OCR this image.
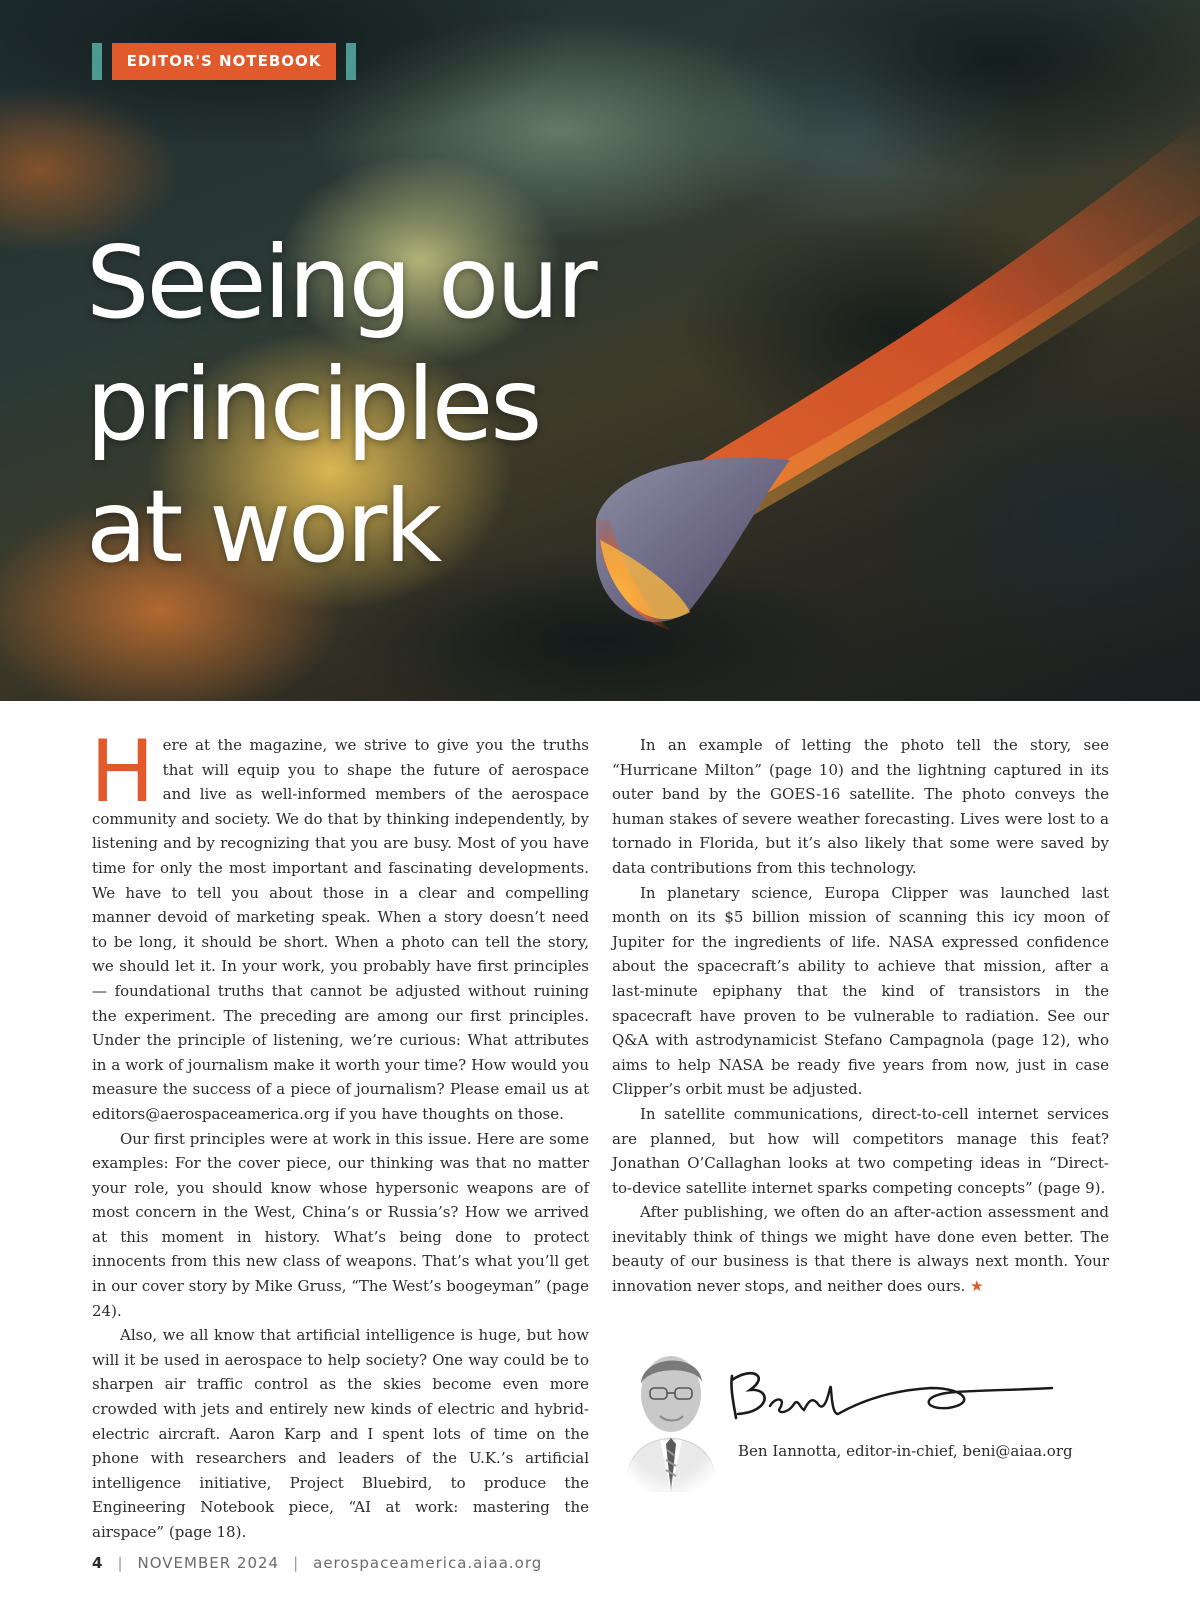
EDITOR'S NOTEBOOK
Seeing our
principles
at work

Here at the magazine, we strive to give you the truths that will equip you to shape the future of aerospace and live as well-informed members of the aerospace community and society. We do that by thinking independently, by listening and by recognizing that you are busy. Most of you have time for only the most important and fascinating developments. We have to tell you about those in a clear and compelling manner devoid of marketing speak. When a story doesn’t need to be long, it should be short. When a photo can tell the story, we should let it. In your work, you probably have first principles — foundational truths that cannot be adjusted without ruining the experiment. The preceding are among our first principles. Under the principle of listening, we’re curious: What attributes in a work of journalism make it worth your time? How would you measure the success of a piece of journalism? Please email us at editors@aerospaceamerica.org if you have thoughts on those.

Our first principles were at work in this issue. Here are some examples: For the cover piece, our thinking was that no matter your role, you should know whose hypersonic weapons are of most concern in the West, China’s or Russia’s? How we arrived at this moment in history. What’s being done to protect innocents from this new class of weapons. That’s what you’ll get in our cover story by Mike Gruss, “The West’s boogeyman” (page 24).

Also, we all know that artificial intelligence is huge, but how will it be used in aerospace to help society? One way could be to sharpen air traffic control as the skies become even more crowded with jets and entirely new kinds of electric and hybrid-electric aircraft. Aaron Karp and I spent lots of time on the phone with researchers and leaders of the U.K.’s artificial intelligence initiative, Project Bluebird, to produce the Engineering Notebook piece, “AI at work: mastering the airspace” (page 18).

In an example of letting the photo tell the story, see “Hurricane Milton” (page 10) and the lightning captured in its outer band by the GOES-16 satellite. The photo conveys the human stakes of severe weather forecasting. Lives were lost to a tornado in Florida, but it’s also likely that some were saved by data contributions from this technology.

In planetary science, Europa Clipper was launched last month on its $5 billion mission of scanning this icy moon of Jupiter for the ingredients of life. NASA expressed confidence about the spacecraft’s ability to achieve that mission, after a last-minute epiphany that the kind of transistors in the spacecraft have proven to be vulnerable to radiation. See our Q&A with astrodynamicist Stefano Campagnola (page 12), who aims to help NASA be ready five years from now, just in case Clipper’s orbit must be adjusted.

In satellite communications, direct-to-cell internet services are planned, but how will competitors manage this feat? Jonathan O’Callaghan looks at two competing ideas in “Direct-to-device satellite internet sparks competing concepts” (page 9).

After publishing, we often do an after-action assessment and inevitably think of things we might have done even better. The beauty of our business is that there is always next month. Your innovation never stops, and neither does ours. ★

Ben Iannotta, editor-in-chief, beni@aiaa.org
4 | NOVEMBER 2024 | aerospaceamerica.aiaa.org
